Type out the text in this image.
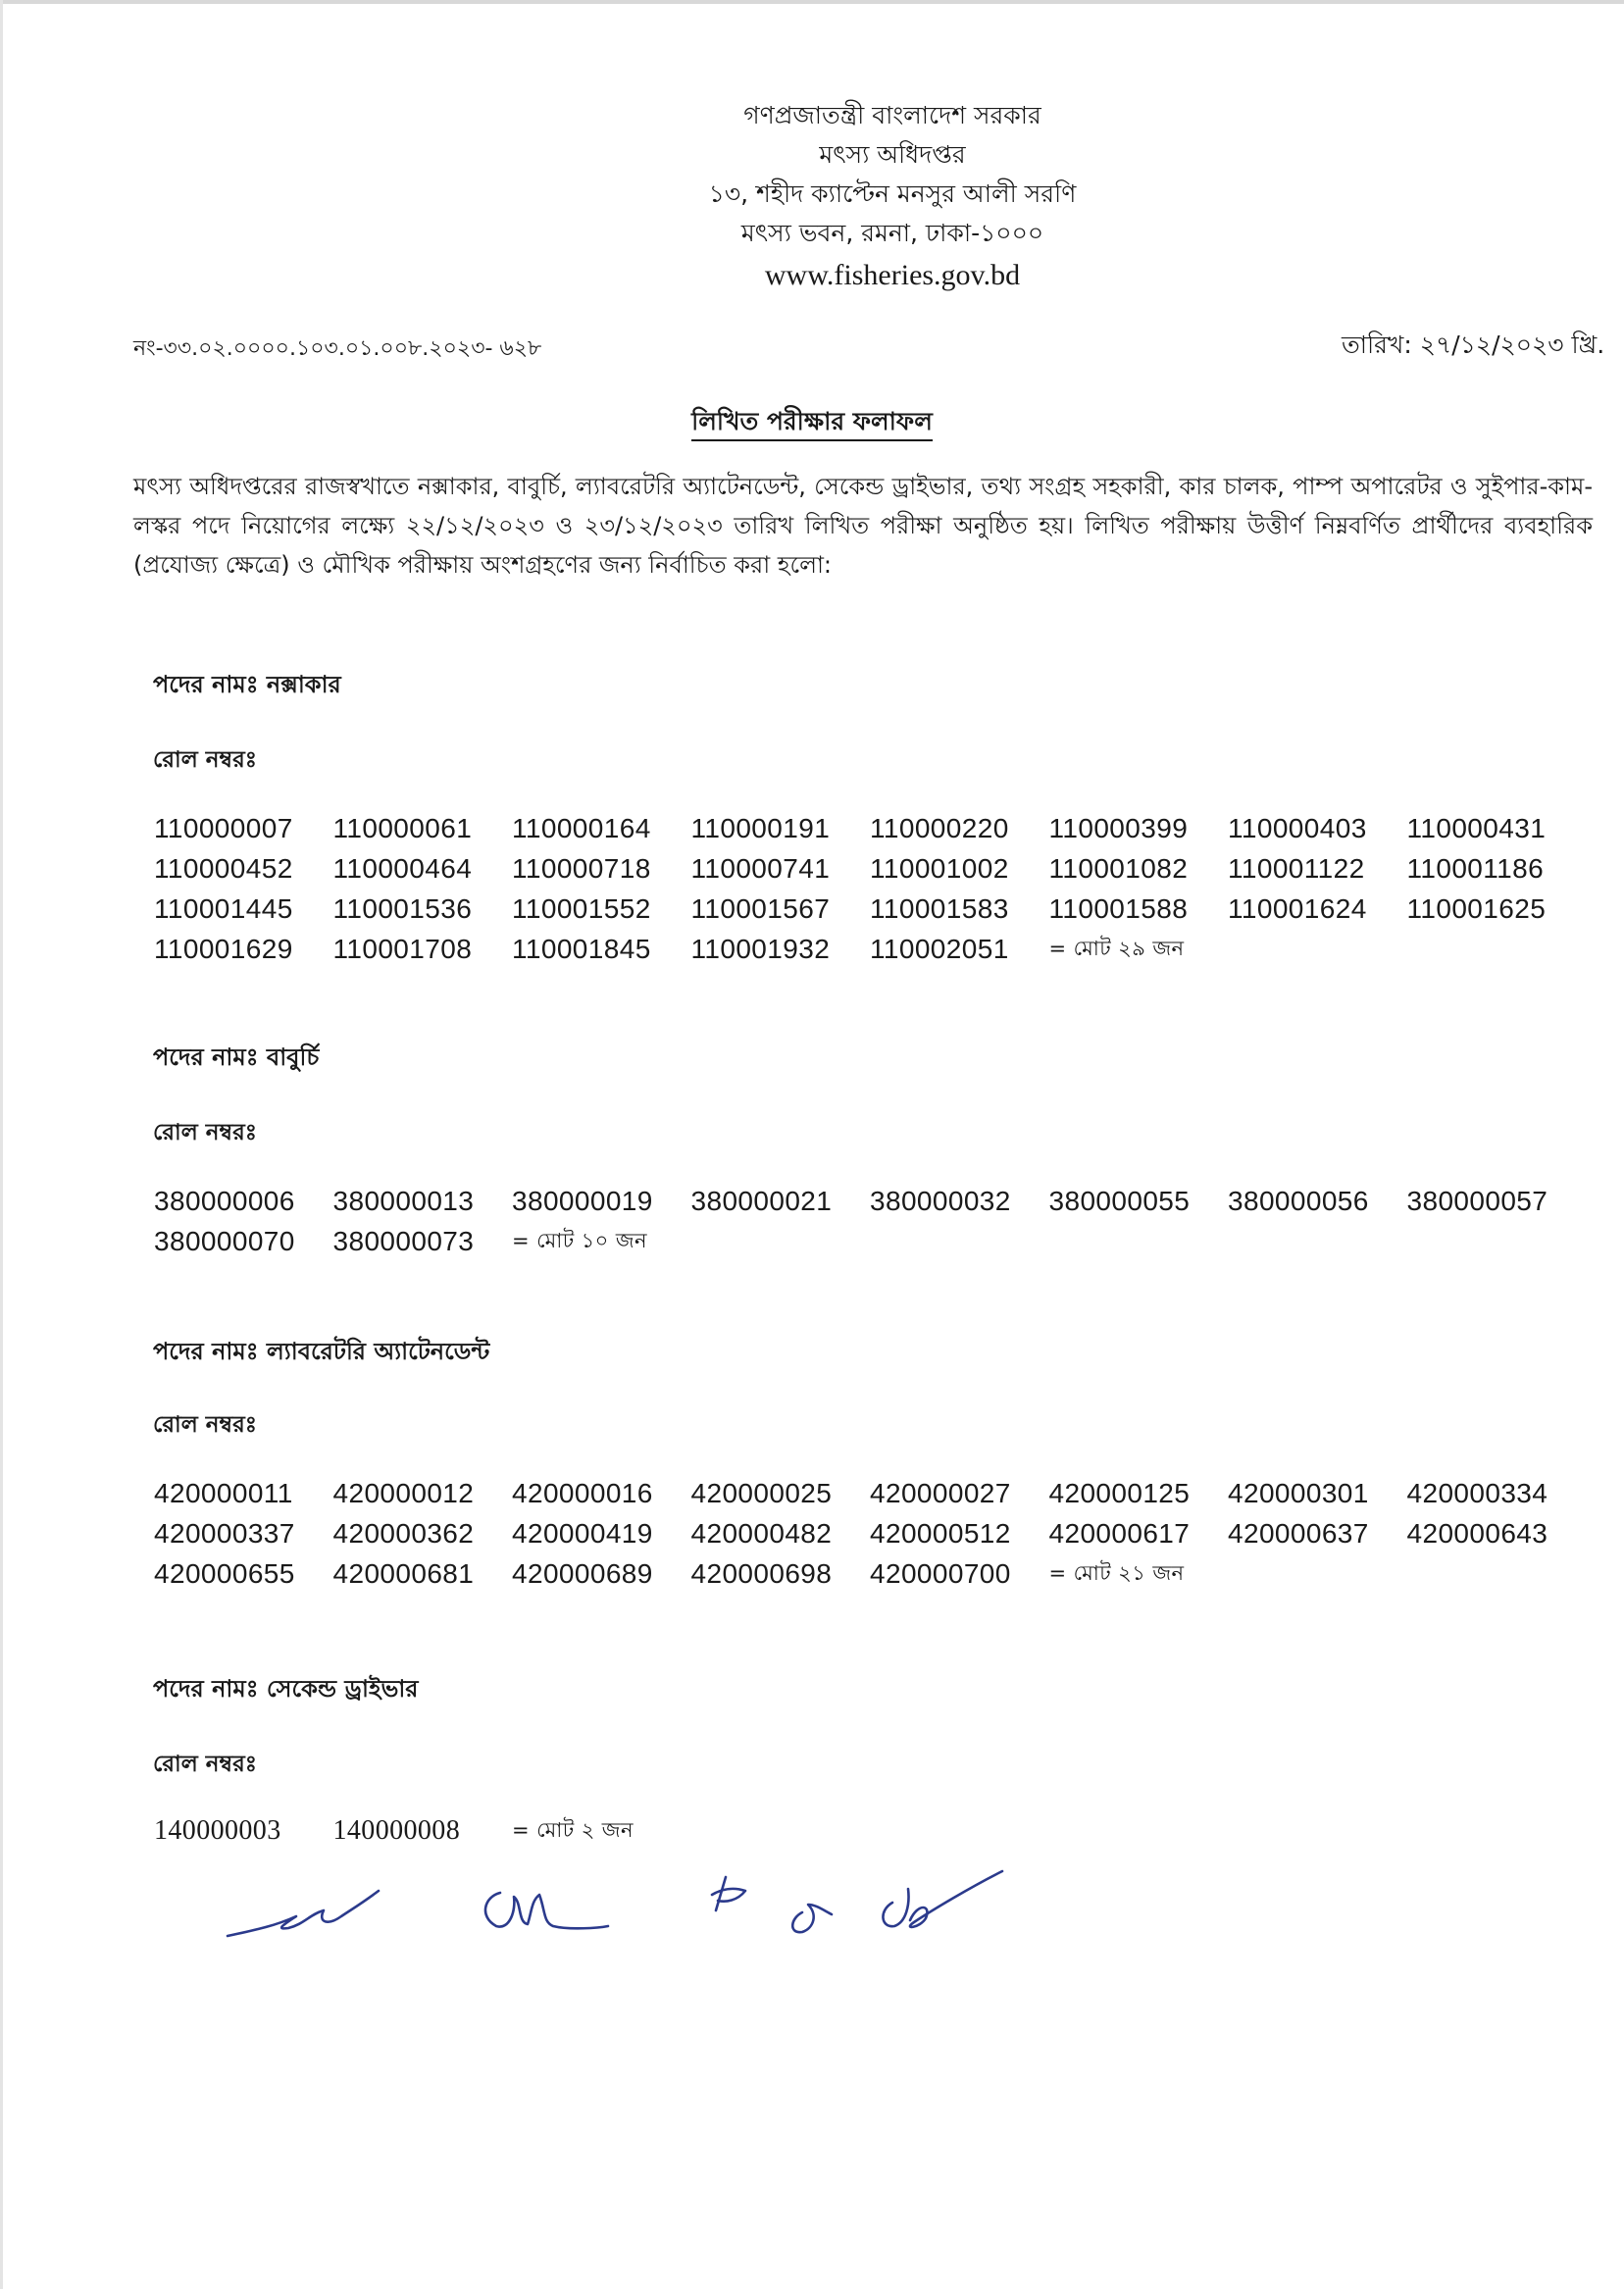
গণপ্রজাতন্ত্রী বাংলাদেশ সরকার
মৎস্য অধিদপ্তর
১৩, শহীদ ক্যাপ্টেন মনসুর আলী সরণি
মৎস্য ভবন, রমনা, ঢাকা-১০০০
www.fisheries.gov.bd
নং-৩৩.০২.০০০০.১০৩.০১.০০৮.২০২৩- ৬২৮	তারিখ: ২৭/১২/২০২৩ খ্রি.
লিখিত পরীক্ষার ফলাফল
মৎস্য অধিদপ্তরের রাজস্বখাতে নক্সাকার, বাবুর্চি, ল্যাবরেটরি অ্যাটেনডেন্ট, সেকেন্ড ড্রাইভার, তথ্য সংগ্রহ সহকারী, কার চালক, পাম্প অপারেটর ও সুইপার-কাম-লস্কর পদে নিয়োগের লক্ষ্যে ২২/১২/২০২৩ ও ২৩/১২/২০২৩ তারিখ লিখিত পরীক্ষা অনুষ্ঠিত হয়। লিখিত পরীক্ষায় উত্তীর্ণ নিম্নবর্ণিত প্রার্থীদের ব্যবহারিক (প্রযোজ্য ক্ষেত্রে) ও মৌখিক পরীক্ষায় অংশগ্রহণের জন্য নির্বাচিত করা হলো:
পদের নামঃ নক্সাকার
রোল নম্বরঃ
110000007	110000061	110000164	110000191	110000220	110000399	110000403	110000431
110000452	110000464	110000718	110000741	110001002	110001082	110001122	110001186
110001445	110001536	110001552	110001567	110001583	110001588	110001624	110001625
110001629	110001708	110001845	110001932	110002051	= মোট ২৯ জন
পদের নামঃ বাবুর্চি
রোল নম্বরঃ
380000006	380000013	380000019	380000021	380000032	380000055	380000056	380000057
380000070	380000073	= মোট ১০ জন
পদের নামঃ ল্যাবরেটরি অ্যাটেনডেন্ট
রোল নম্বরঃ
420000011	420000012	420000016	420000025	420000027	420000125	420000301	420000334
420000337	420000362	420000419	420000482	420000512	420000617	420000637	420000643
420000655	420000681	420000689	420000698	420000700	= মোট ২১ জন
পদের নামঃ সেকেন্ড ড্রাইভার
রোল নম্বরঃ
140000003	140000008	= মোট ২ জন
